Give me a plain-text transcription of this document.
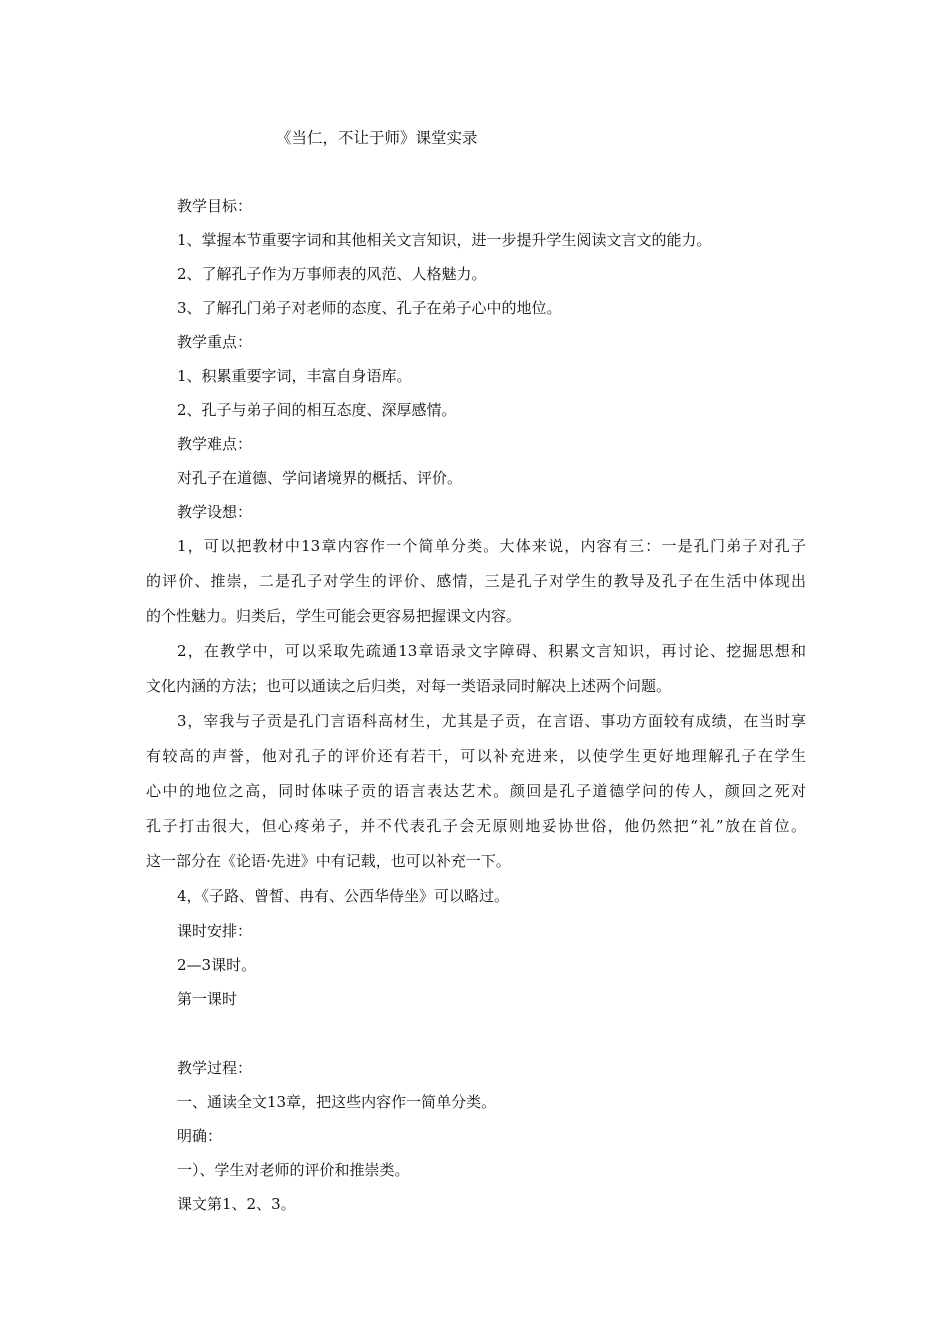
《当仁，不让于师》课堂实录
教学目标：
1、掌握本节重要字词和其他相关文言知识，进一步提升学生阅读文言文的能力。
2、了解孔子作为万事师表的风范、人格魅力。
3、了解孔门弟子对老师的态度、孔子在弟子心中的地位。
教学重点：
1、积累重要字词，丰富自身语库。
2、孔子与弟子间的相互态度、深厚感情。
教学难点：
对孔子在道德、学问诸境界的概括、评价。
教学设想：
1，可以把教材中13章内容作一个简单分类。大体来说，内容有三：一是孔门弟子对孔子
的评价、推崇，二是孔子对学生的评价、感情，三是孔子对学生的教导及孔子在生活中体现出
的个性魅力。归类后，学生可能会更容易把握课文内容。
2，在教学中，可以采取先疏通13章语录文字障碍、积累文言知识，再讨论、挖掘思想和
文化内涵的方法；也可以通读之后归类，对每一类语录同时解决上述两个问题。
3，宰我与子贡是孔门言语科高材生，尤其是子贡，在言语、事功方面较有成绩，在当时享
有较高的声誉，他对孔子的评价还有若干，可以补充进来，以使学生更好地理解孔子在学生
心中的地位之高，同时体味子贡的语言表达艺术。颜回是孔子道德学问的传人，颜回之死对
孔子打击很大，但心疼弟子，并不代表孔子会无原则地妥协世俗，他仍然把“礼”放在首位。
这一部分在《论语·先进》中有记载，也可以补充一下。
4，《子路、曾皙、冉有、公西华侍坐》可以略过。
课时安排：
2—3课时。
第一课时
教学过程：
一、通读全文13章，把这些内容作一简单分类。
明确：
一）、学生对老师的评价和推崇类。
课文第1、2、3。
